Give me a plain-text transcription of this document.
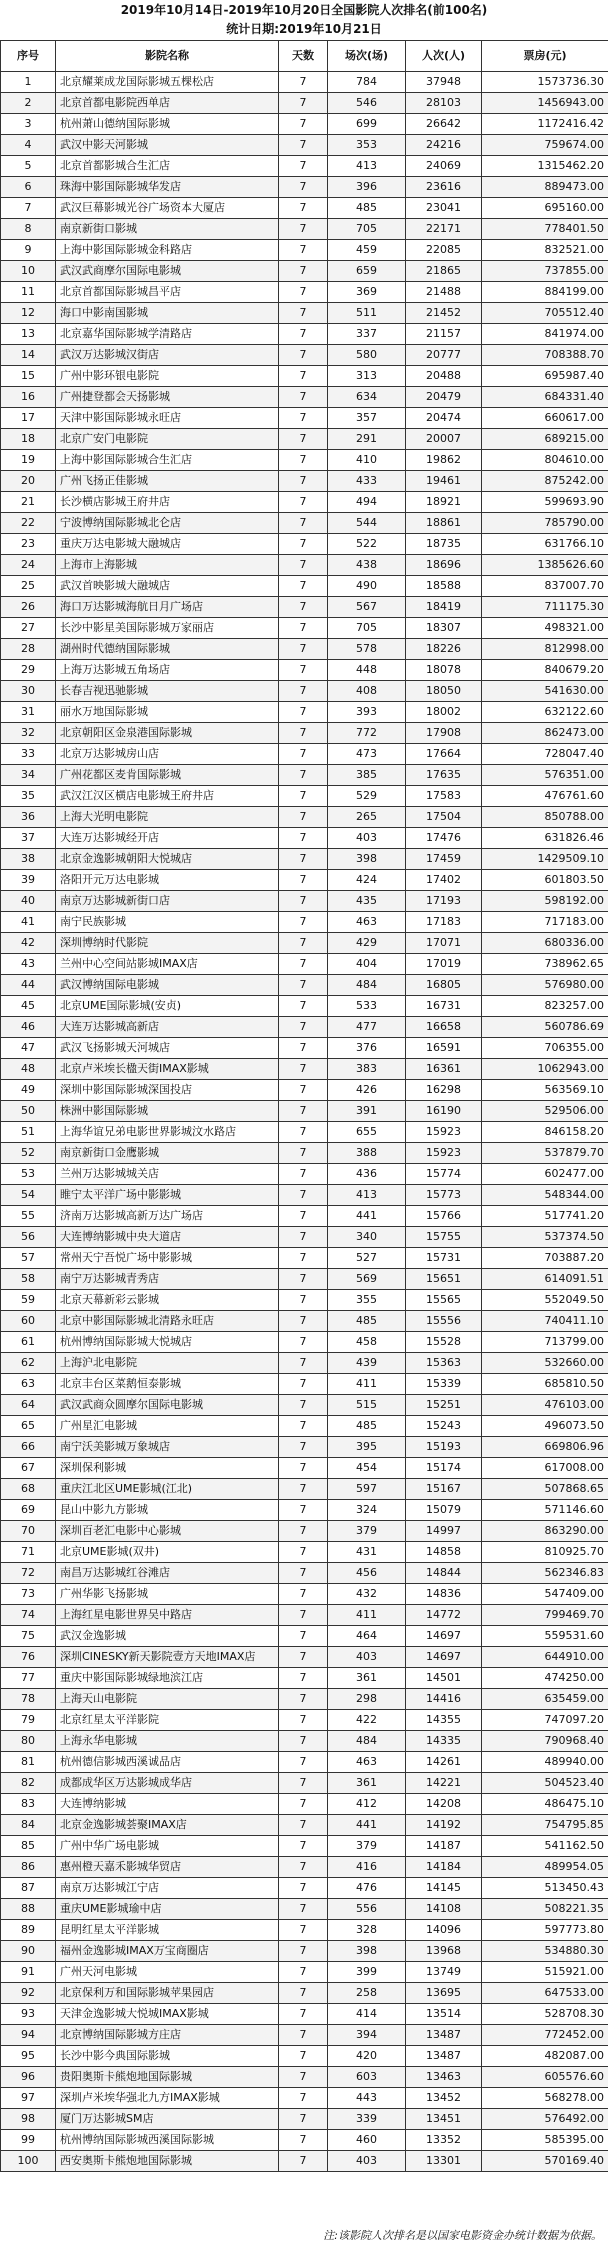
2019年10月14日-2019年10月20日全国影院人次排名(前100名)
统计日期:2019年10月21日
序号	影院名称	天数	场次(场)	人次(人)	票房(元)
1	北京耀莱成龙国际影城五棵松店	7	784	37948	1573736.30
2	北京首都电影院西单店	7	546	28103	1456943.00
3	杭州萧山德纳国际影城	7	699	26642	1172416.42
4	武汉中影天河影城	7	353	24216	759674.00
5	北京首都影城合生汇店	7	413	24069	1315462.20
6	珠海中影国际影城华发店	7	396	23616	889473.00
7	武汉巨幕影城光谷广场资本大厦店	7	485	23041	695160.00
8	南京新街口影城	7	705	22171	778401.50
9	上海中影国际影城金科路店	7	459	22085	832521.00
10	武汉武商摩尔国际电影城	7	659	21865	737855.00
11	北京首都国际影城昌平店	7	369	21488	884199.00
12	海口中影南国影城	7	511	21452	705512.40
13	北京嘉华国际影城学清路店	7	337	21157	841974.00
14	武汉万达影城汉街店	7	580	20777	708388.70
15	广州中影环银电影院	7	313	20488	695987.40
16	广州捷登都会天扬影城	7	634	20479	684331.40
17	天津中影国际影城永旺店	7	357	20474	660617.00
18	北京广安门电影院	7	291	20007	689215.00
19	上海中影国际影城合生汇店	7	410	19862	804610.00
20	广州飞扬正佳影城	7	433	19461	875242.00
21	长沙横店影城王府井店	7	494	18921	599693.90
22	宁波博纳国际影城北仑店	7	544	18861	785790.00
23	重庆万达电影城大融城店	7	522	18735	631766.10
24	上海市上海影城	7	438	18696	1385626.60
25	武汉首映影城大融城店	7	490	18588	837007.70
26	海口万达影城海航日月广场店	7	567	18419	711175.30
27	长沙中影星美国际影城万家丽店	7	705	18307	498321.00
28	湖州时代德纳国际影城	7	578	18226	812998.00
29	上海万达影城五角场店	7	448	18078	840679.20
30	长春吉视迅驰影城	7	408	18050	541630.00
31	丽水万地国际影城	7	393	18002	632122.60
32	北京朝阳区金泉港国际影城	7	772	17908	862473.00
33	北京万达影城房山店	7	473	17664	728047.40
34	广州花都区麦肯国际影城	7	385	17635	576351.00
35	武汉江汉区横店电影城王府井店	7	529	17583	476761.60
36	上海大光明电影院	7	265	17504	850788.00
37	大连万达影城经开店	7	403	17476	631826.46
38	北京金逸影城朝阳大悦城店	7	398	17459	1429509.10
39	洛阳开元万达电影城	7	424	17402	601803.50
40	南京万达影城新街口店	7	435	17193	598192.00
41	南宁民族影城	7	463	17183	717183.00
42	深圳博纳时代影院	7	429	17071	680336.00
43	兰州中心空间站影城IMAX店	7	404	17019	738962.65
44	武汉博纳国际电影城	7	484	16805	576980.00
45	北京UME国际影城(安贞)	7	533	16731	823257.00
46	大连万达影城高新店	7	477	16658	560786.69
47	武汉飞扬影城天河城店	7	376	16591	706355.00
48	北京卢米埃长楹天街IMAX影城	7	383	16361	1062943.00
49	深圳中影国际影城深国投店	7	426	16298	563569.10
50	株洲中影国际影城	7	391	16190	529506.00
51	上海华谊兄弟电影世界影城汶水路店	7	655	15923	846158.20
52	南京新街口金鹰影城	7	388	15923	537879.70
53	兰州万达影城城关店	7	436	15774	602477.00
54	睢宁太平洋广场中影影城	7	413	15773	548344.00
55	济南万达影城高新万达广场店	7	441	15766	517741.20
56	大连博纳影城中央大道店	7	340	15755	537374.50
57	常州天宁吾悦广场中影影城	7	527	15731	703887.20
58	南宁万达影城青秀店	7	569	15651	614091.51
59	北京天幕新彩云影城	7	355	15565	552049.50
60	北京中影国际影城北清路永旺店	7	485	15556	740411.10
61	杭州博纳国际影城大悦城店	7	458	15528	713799.00
62	上海沪北电影院	7	439	15363	532660.00
63	北京丰台区菜鹅恒泰影城	7	411	15339	685810.50
64	武汉武商众圆摩尔国际电影城	7	515	15251	476103.00
65	广州星汇电影城	7	485	15243	496073.50
66	南宁沃美影城万象城店	7	395	15193	669806.96
67	深圳保利影城	7	454	15174	617008.00
68	重庆江北区UME影城(江北)	7	597	15167	507868.65
69	昆山中影九方影城	7	324	15079	571146.60
70	深圳百老汇电影中心影城	7	379	14997	863290.00
71	北京UME影城(双井)	7	431	14858	810925.70
72	南昌万达影城红谷滩店	7	456	14844	562346.83
73	广州华影飞扬影城	7	432	14836	547409.00
74	上海红星电影世界吴中路店	7	411	14772	799469.70
75	武汉金逸影城	7	464	14697	559531.60
76	深圳CINESKY新天影院壹方天地IMAX店	7	403	14697	644910.00
77	重庆中影国际影城绿地滨江店	7	361	14501	474250.00
78	上海天山电影院	7	298	14416	635459.00
79	北京红星太平洋影院	7	422	14355	747097.20
80	上海永华电影城	7	484	14335	790968.40
81	杭州德信影城西溪诚品店	7	463	14261	489940.00
82	成都成华区万达影城成华店	7	361	14221	504523.40
83	大连博纳影城	7	412	14208	486475.10
84	北京金逸影城荟聚IMAX店	7	441	14192	754795.85
85	广州中华广场电影城	7	379	14187	541162.50
86	惠州橙天嘉禾影城华贸店	7	416	14184	489954.05
87	南京万达影城江宁店	7	476	14145	513450.43
88	重庆UME影城瑜中店	7	556	14108	508221.35
89	昆明红星太平洋影城	7	328	14096	597773.80
90	福州金逸影城IMAX万宝商圈店	7	398	13968	534880.30
91	广州天河电影城	7	399	13749	515921.00
92	北京保利万和国际影城苹果园店	7	258	13695	647533.00
93	天津金逸影城大悦城IMAX影城	7	414	13514	528708.30
94	北京博纳国际影城方庄店	7	394	13487	772452.00
95	长沙中影今典国际影城	7	420	13487	482087.00
96	贵阳奥斯卡熊炮地国际影城	7	603	13463	605576.60
97	深圳卢米埃华强北九方IMAX影城	7	443	13452	568278.00
98	厦门万达影城SM店	7	339	13451	576492.00
99	杭州博纳国际影城西溪国际影城	7	460	13352	585395.00
100	西安奥斯卡熊炮地国际影城	7	403	13301	570169.40
注:该影院人次排名是以国家电影资金办统计数据为依据。
